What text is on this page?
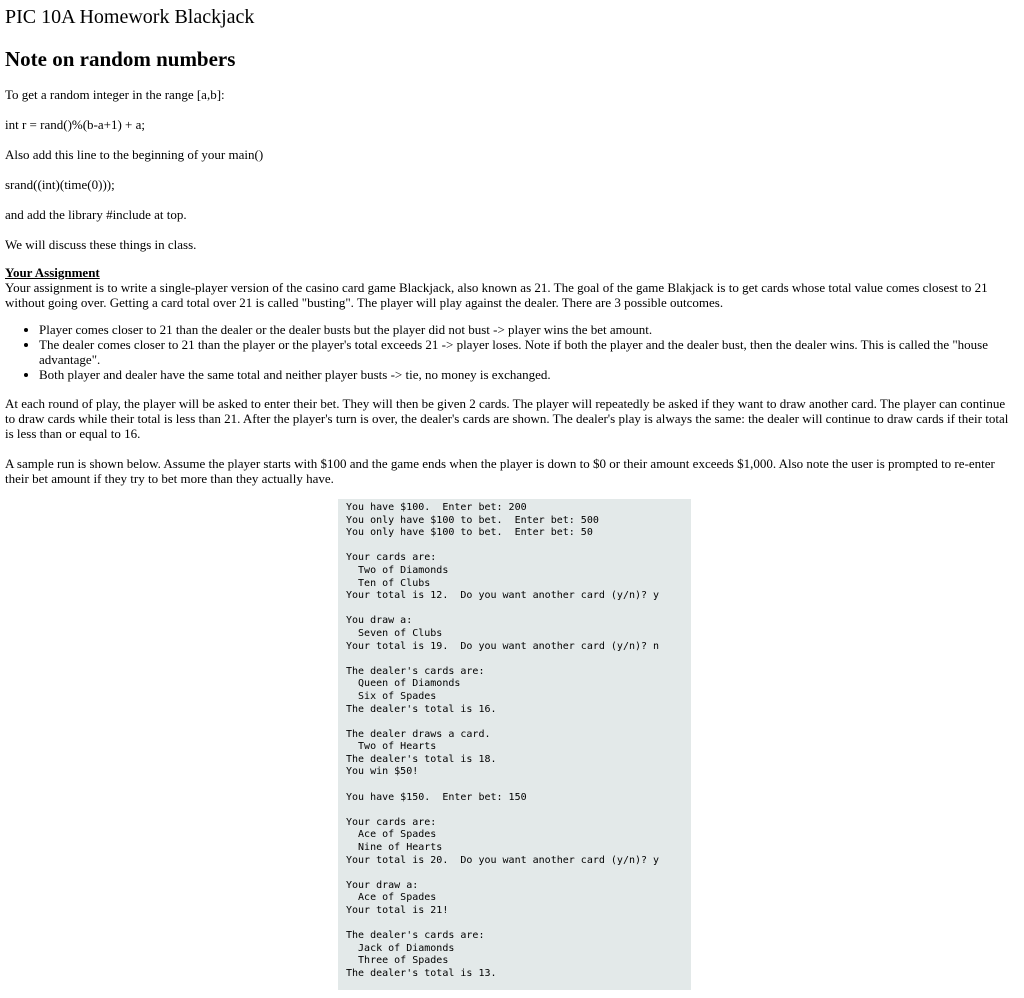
PIC 10A Homework Blackjack
Note on random numbers

To get a random integer in the range [a,b]:

int r = rand()%(b-a+1) + a;

Also add this line to the beginning of your main()

srand((int)(time(0)));

and add the library #include at top.

We will discuss these things in class.

Your Assignment

Your assignment is to write a single-player version of the casino card game Blackjack, also known as 21. The goal of the game Blakjack is to get cards whose total value comes closest to 21 without going over. Getting a card total over 21 is called "busting". The player will play against the dealer. There are 3 possible outcomes.

• Player comes closer to 21 than the dealer or the dealer busts but the player did not bust -> player wins the bet amount.
• The dealer comes closer to 21 than the player or the player's total exceeds 21 -> player loses. Note if both the player and the dealer bust, then the dealer wins. This is called the "house advantage".
• Both player and dealer have the same total and neither player busts -> tie, no money is exchanged.

At each round of play, the player will be asked to enter their bet. They will then be given 2 cards. The player will repeatedly be asked if they want to draw another card. The player can continue to draw cards while their total is less than 21. After the player's turn is over, the dealer's cards are shown. The dealer's play is always the same: the dealer will continue to draw cards if their total is less than or equal to 16.

A sample run is shown below. Assume the player starts with $100 and the game ends when the player is down to $0 or their amount exceeds $1,000. Also note the user is prompted to re-enter their bet amount if they try to bet more than they actually have.

You have $100.  Enter bet: 200
You only have $100 to bet.  Enter bet: 500
You only have $100 to bet.  Enter bet: 50

Your cards are:
Two of Diamonds
Ten of Clubs
Your total is 12.  Do you want another card (y/n)? y

You draw a:
Seven of Clubs
Your total is 19.  Do you want another card (y/n)? n

The dealer's cards are:
Queen of Diamonds
Six of Spades
The dealer's total is 16.

The dealer draws a card.
Two of Hearts
The dealer's total is 18.
You win $50!

You have $150.  Enter bet: 150

Your cards are:
Ace of Spades
Nine of Hearts
Your total is 20.  Do you want another card (y/n)? y

Your draw a:
Ace of Spades
Your total is 21!

The dealer's cards are:
Jack of Diamonds
Three of Spades
The dealer's total is 13.
